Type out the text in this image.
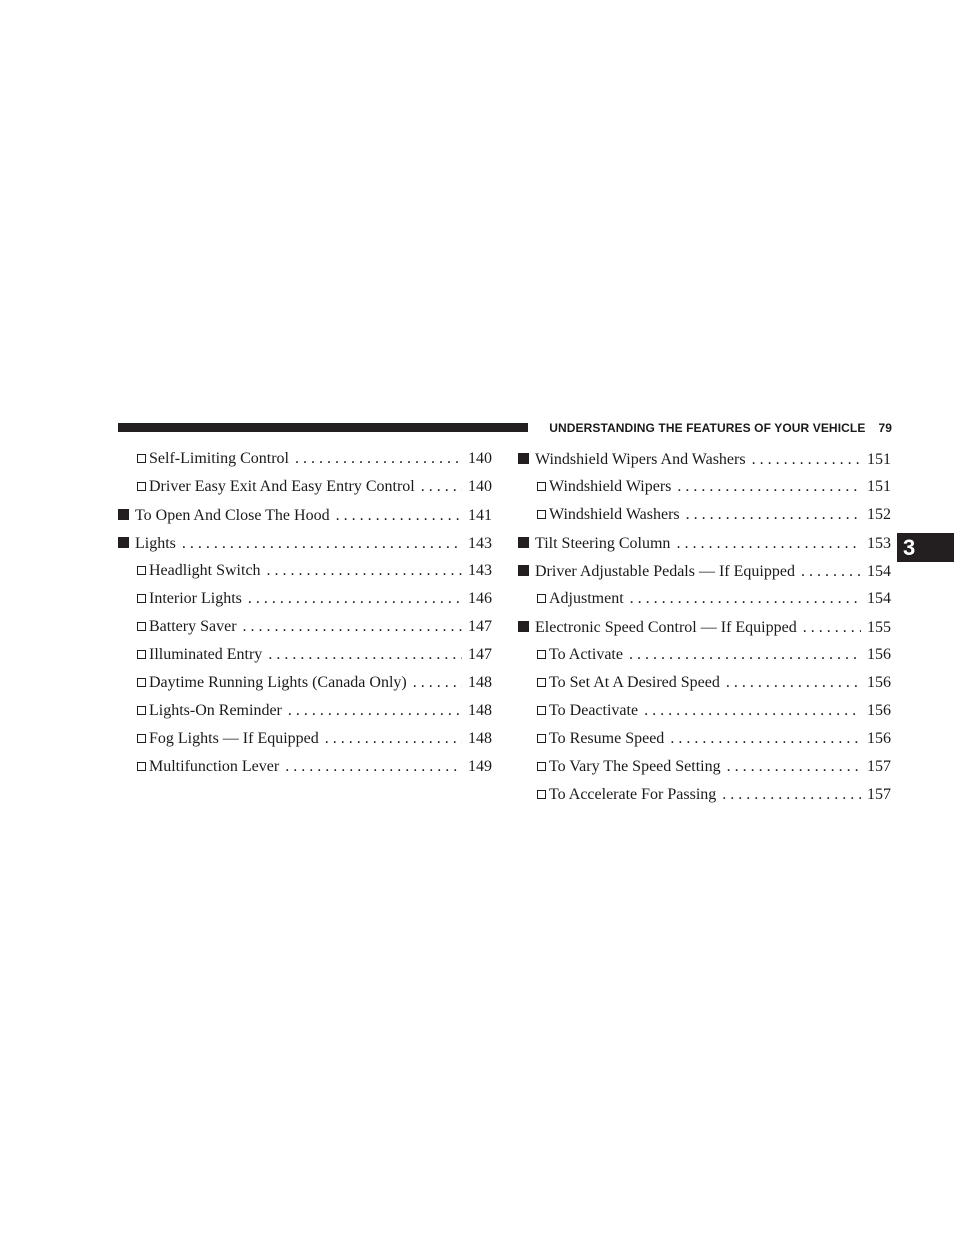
UNDERSTANDING THE FEATURES OF YOUR VEHICLE 79
3
Self-Limiting Control . . .	140
Driver Easy Exit And Easy Entry Control . . .	140
To Open And Close The Hood . . .	141
Lights . . .	143
Headlight Switch . . .	143
Interior Lights . . .	146
Battery Saver . . .	147
Illuminated Entry . . .	147
Daytime Running Lights (Canada Only) . . .	148
Lights-On Reminder . . .	148
Fog Lights — If Equipped . . .	148
Multifunction Lever . . .	149
Windshield Wipers And Washers . . .	151
Windshield Wipers . . .	151
Windshield Washers . . .	152
Tilt Steering Column . . .	153
Driver Adjustable Pedals — If Equipped . . .	154
Adjustment . . .	154
Electronic Speed Control — If Equipped . . .	155
To Activate . . .	156
To Set At A Desired Speed . . .	156
To Deactivate . . .	156
To Resume Speed . . .	156
To Vary The Speed Setting . . .	157
To Accelerate For Passing . . .	157
